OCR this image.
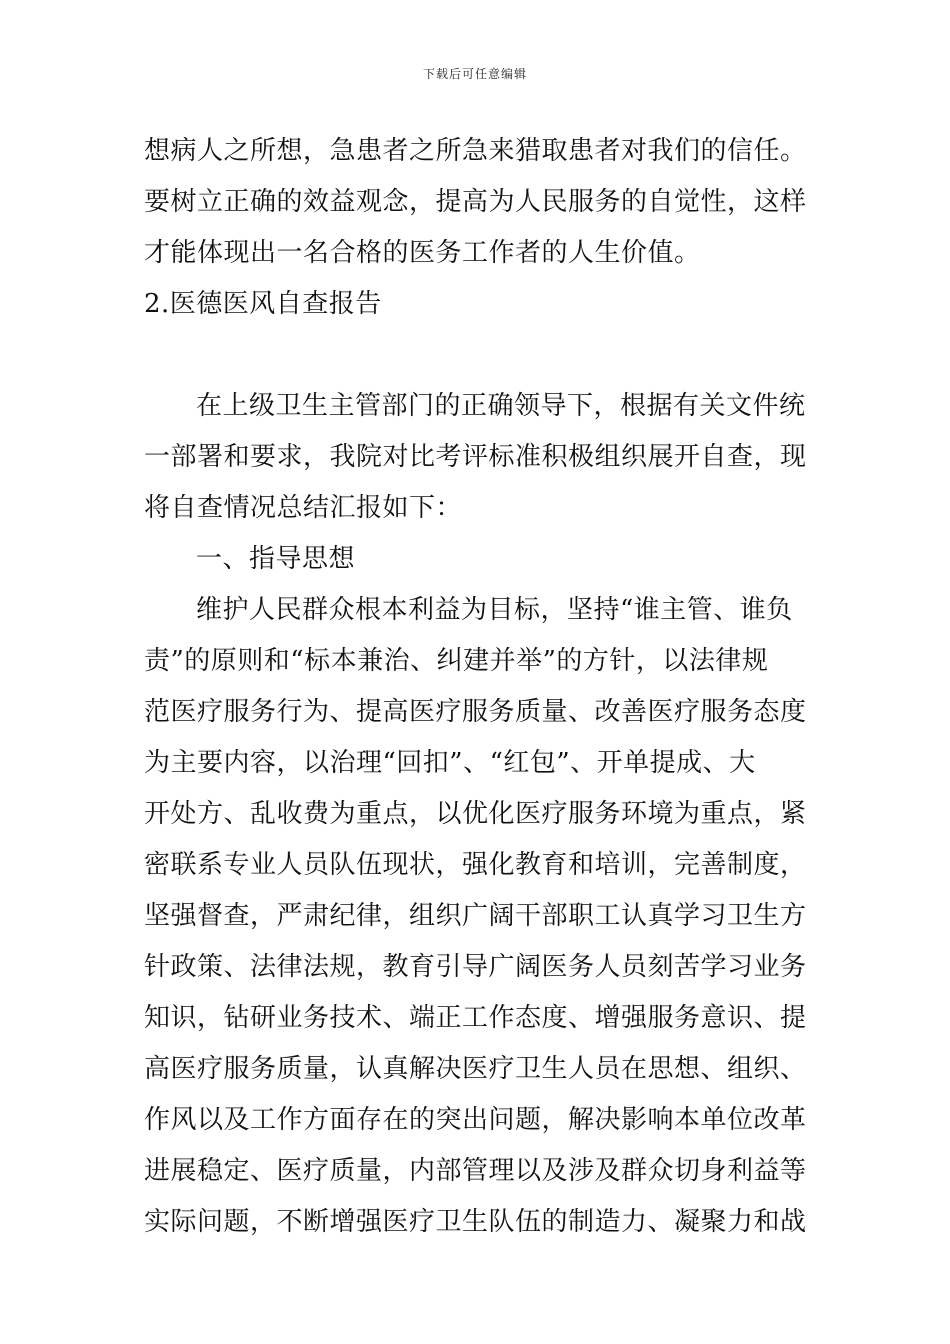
下载后可任意编辑
想病人之所想，急患者之所急来猎取患者对我们的信任。
要树立正确的效益观念，提高为人民服务的自觉性，这样
才能体现出一名合格的医务工作者的人生价值。
2.医德医风自查报告
在上级卫生主管部门的正确领导下，根据有关文件统
一部署和要求，我院对比考评标准积极组织展开自查，现
将自查情况总结汇报如下：
一、指导思想
维护人民群众根本利益为目标，坚持“谁主管、谁负
责”的原则和“标本兼治、纠建并举”的方针，以法律规
范医疗服务行为、提高医疗服务质量、改善医疗服务态度
为主要内容，以治理“回扣”、“红包”、开单提成、大
开处方、乱收费为重点，以优化医疗服务环境为重点，紧
密联系专业人员队伍现状，强化教育和培训，完善制度，
坚强督查，严肃纪律，组织广阔干部职工认真学习卫生方
针政策、法律法规，教育引导广阔医务人员刻苦学习业务
知识，钻研业务技术、端正工作态度、增强服务意识、提
高医疗服务质量，认真解决医疗卫生人员在思想、组织、
作风以及工作方面存在的突出问题，解决影响本单位改革
进展稳定、医疗质量，内部管理以及涉及群众切身利益等
实际问题，不断增强医疗卫生队伍的制造力、凝聚力和战
